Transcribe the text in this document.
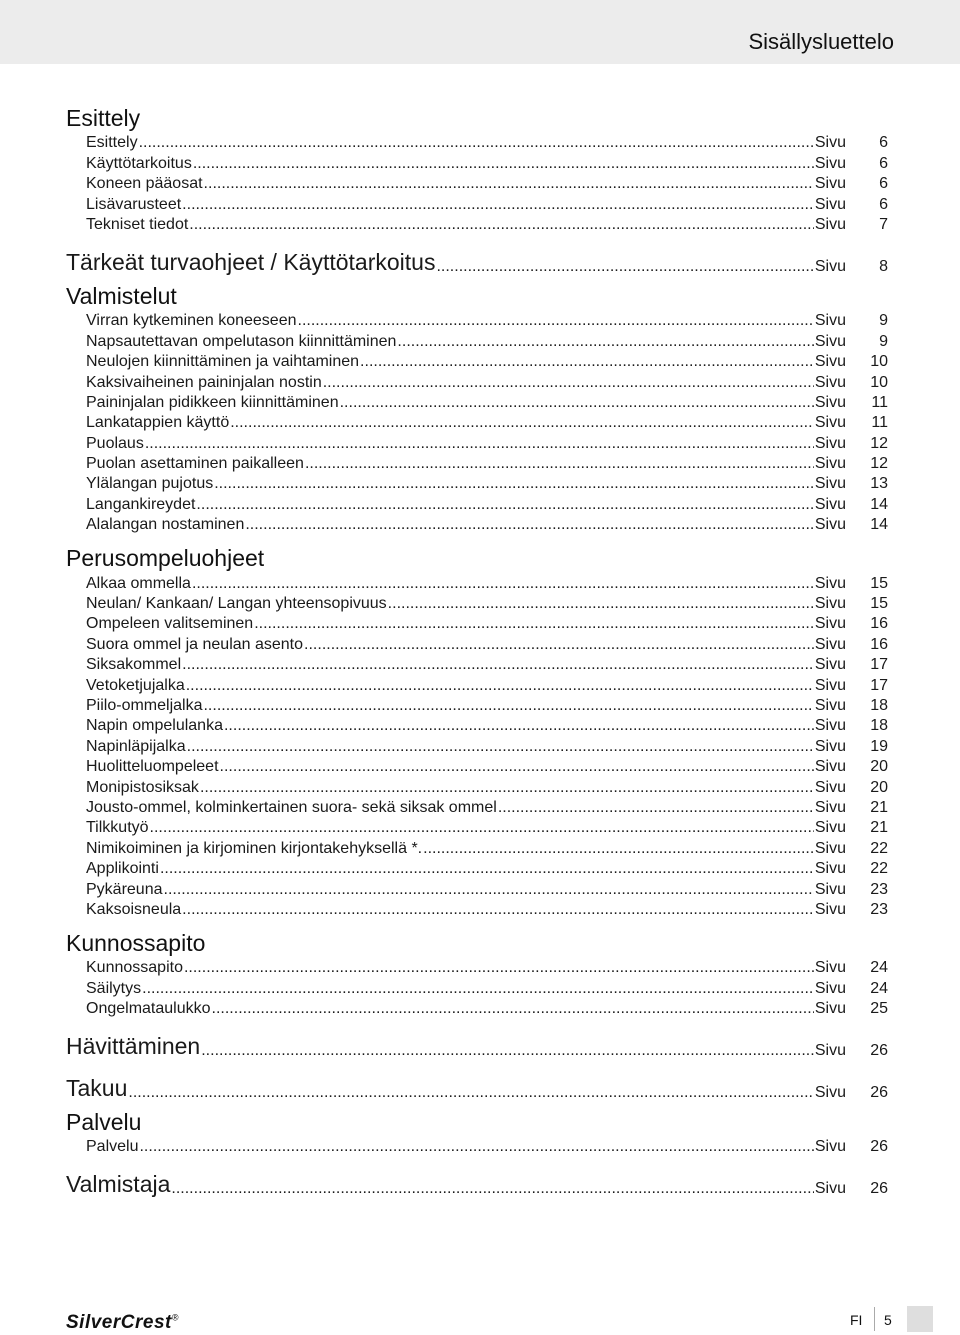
Sisällysluettelo
Esittely
Esittely .....	Sivu	6
Käyttötarkoitus .....	Sivu	6
Koneen pääosat .....	Sivu	6
Lisävarusteet .....	Sivu	6
Tekniset tiedot .....	Sivu	7
Tärkeät turvaohjeet / Käyttötarkoitus .....	Sivu	8
Valmistelut
Virran kytkeminen koneeseen .....	Sivu	9
Napsautettavan ompelutason kiinnittäminen .....	Sivu	9
Neulojen kiinnittäminen ja vaihtaminen .....	Sivu	10
Kaksivaiheinen paininjalan nostin .....	Sivu	10
Paininjalan pidikkeen kiinnittäminen .....	Sivu	11
Lankatappien käyttö .....	Sivu	11
Puolaus .....	Sivu	12
Puolan asettaminen paikalleen .....	Sivu	12
Ylälangan pujotus .....	Sivu	13
Langankireydet .....	Sivu	14
Alalangan nostaminen .....	Sivu	14
Perusompeluohjeet
Alkaa ommella .....	Sivu	15
Neulan/ Kankaan/ Langan yhteensopivuus .....	Sivu	15
Ompeleen valitseminen .....	Sivu	16
Suora ommel ja neulan asento .....	Sivu	16
Siksakommel .....	Sivu	17
Vetoketjujalka .....	Sivu	17
Piilo-ommeljalka .....	Sivu	18
Napin ompelulanka .....	Sivu	18
Napinläpijalka .....	Sivu	19
Huolitteluompeleet .....	Sivu	20
Monipistosiksak .....	Sivu	20
Jousto-ommel, kolminkertainen suora- sekä siksak ommel .....	Sivu	21
Tilkkutyö .....	Sivu	21
Nimikoiminen ja kirjominen kirjontakehyksellä *. .....	Sivu	22
Applikointi .....	Sivu	22
Pykäreuna .....	Sivu	23
Kaksoisneula .....	Sivu	23
Kunnossapito
Kunnossapito .....	Sivu	24
Säilytys .....	Sivu	24
Ongelmataulukko .....	Sivu	25
Hävittäminen .....	Sivu	26
Takuu .....	Sivu	26
Palvelu
Palvelu .....	Sivu	26
Valmistaja .....	Sivu	26
SilverCrest®	FI 5
